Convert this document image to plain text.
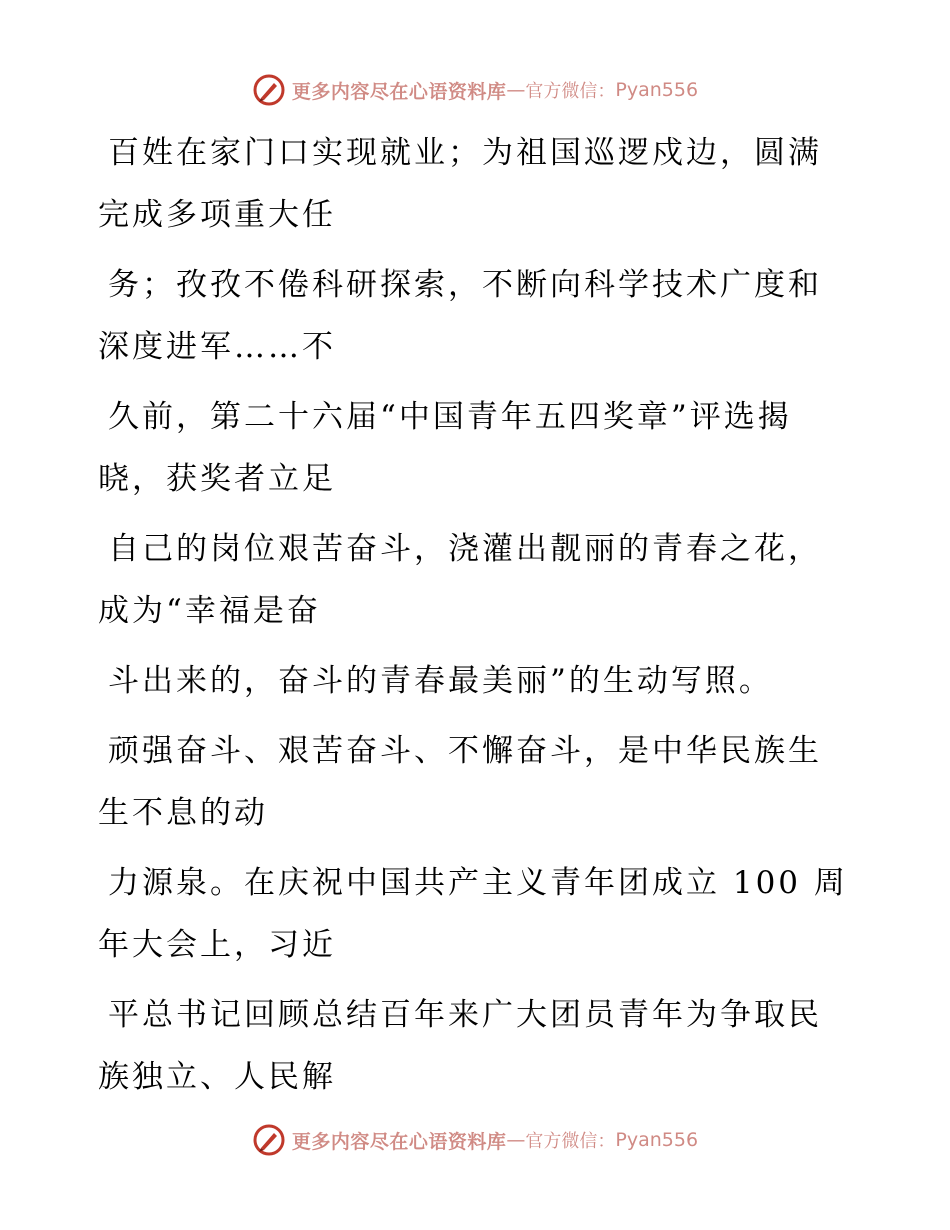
更多内容尽在心语资料库 — 官方微信： Pyan556
百姓在家门口实现就业；为祖国巡逻戍边，圆满
完成多项重大任
务；孜孜不倦科研探索，不断向科学技术广度和
深度进军……不
久前，第二十六届“中国青年五四奖章”评选揭
晓，获奖者立足
自己的岗位艰苦奋斗，浇灌出靓丽的青春之花，
成为“幸福是奋
斗出来的，奋斗的青春最美丽”的生动写照。
顽强奋斗、艰苦奋斗、不懈奋斗，是中华民族生
生不息的动
力源泉。在庆祝中国共产主义青年团成立 100 周
年大会上，习近
平总书记回顾总结百年来广大团员青年为争取民
族独立、人民解
更多内容尽在心语资料库 — 官方微信： Pyan556
